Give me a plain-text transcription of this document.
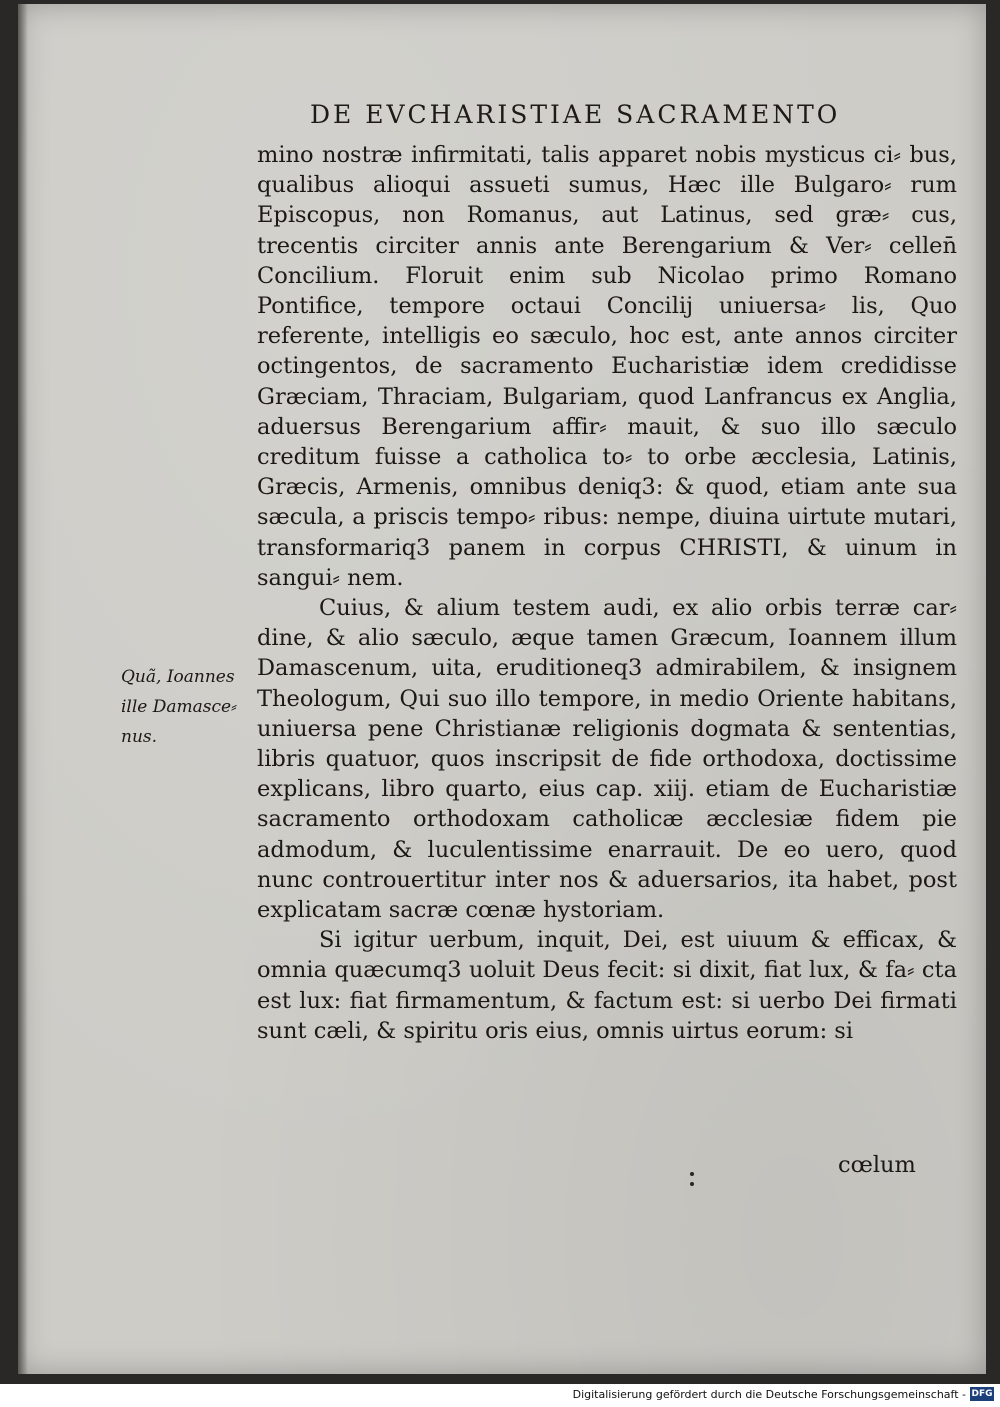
DE EVCHARISTIAE SACRAMENTO

mino nostræ infirmitati, talis apparet nobis mysticus ci⸗ bus, qualibus alioqui assueti sumus, Hæc ille Bulgaro⸗ rum Episcopus, non Romanus, aut Latinus, sed græ⸗ cus, trecentis circiter annis ante Berengarium & Ver⸗ cellen̄ Concilium. Floruit enim sub Nicolao primo Romano Pontifice, tempore octaui Concilij uniuersa⸗ lis, Quo referente, intelligis eo sæculo, hoc est, ante annos circiter octingentos, de sacramento Eucharistiæ idem credidisse Græciam, Thraciam, Bulgariam, quod Lanfrancus ex Anglia, aduersus Berengarium affir⸗ mauit, & suo illo sæculo creditum fuisse a catholica to⸗ to orbe æcclesia, Latinis, Græcis, Armenis, omnibus deniq3: & quod, etiam ante sua sæcula, a priscis tempo⸗ ribus: nempe, diuina uirtute mutari, transformariq3 panem in corpus CHRISTI, & uinum in sangui⸗ nem.

Cuius, & alium testem audi, ex alio orbis terræ car⸗ dine, & alio sæculo, æque tamen Græcum, Ioannem illum Damascenum, uita, eruditioneq3 admirabilem, & insignem Theologum, Qui suo illo tempore, in medio Oriente habitans, uniuersa pene Christianæ religionis dogmata & sententias, libris quatuor, quos inscripsit de fide orthodoxa, doctissime explicans, libro quarto, eius cap. xiij. etiam de Eucharistiæ sacramento orthodoxam catholicæ æcclesiæ fidem pie admodum, & luculentissime enarrauit. De eo uero, quod nunc controuertitur inter nos & aduersarios, ita habet, post explicatam sacræ cœnæ hystoriam.

Si igitur uerbum, inquit, Dei, est uiuum & efficax, & omnia quæcumq3 uoluit Deus fecit: si dixit, fiat lux, & fa⸗ cta est lux: fiat firmamentum, & factum est: si uerbo Dei firmati sunt cæli, & spiritu oris eius, omnis uirtus eorum: si

cœlum
Quã, Ioannes
ille Damasce⸗
nus.
Digitalisierung gefördert durch die Deutsche Forschungsgemeinschaft - DFG
